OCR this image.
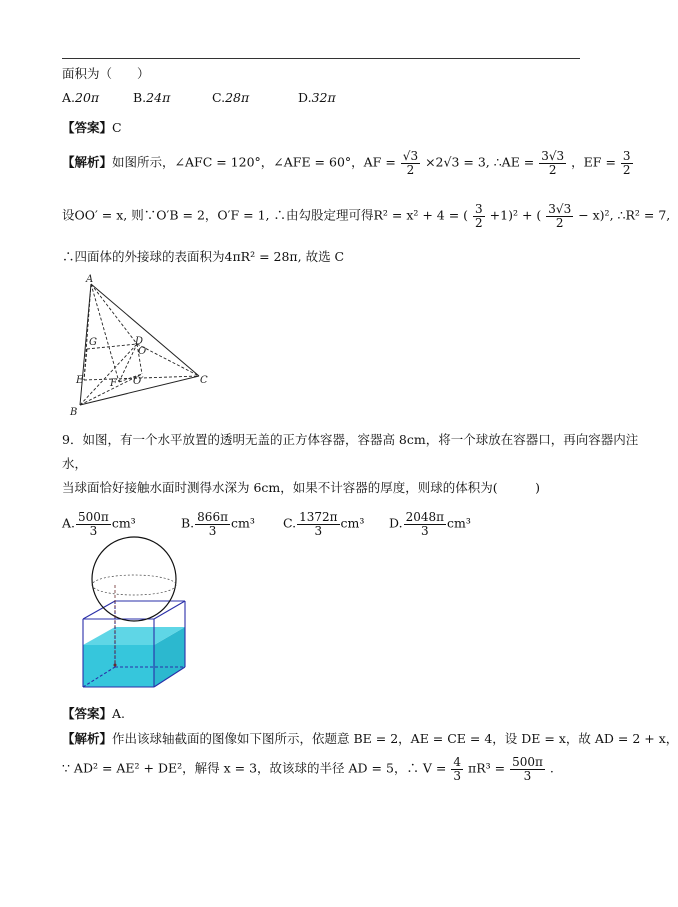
面积为（　　）
A.20π	B.24π	C.28π	D.32π
【答案】C
【解析】如图所示，∠AFC = 120°，∠AFE = 60°，AF = $\frac{√3}{2} \times 2√3 = 3$, ∴AE = $\frac{3√3}{2}$ ，EF = $\frac{3}{2}$
设OO′ = x, 则∵O′B = 2，O′F = 1, ∴由勾股定理可得R² = x² + 4 = ( $\frac{3}{2} +1)^2$ + ( $\frac{3√3}{2} - x)^2$, ∴R² = 7,
∴四面体的外接球的表面积为4πR² = 28π, 故选 C
A
G	D
O
E	F O′	C
B
9．如图，有一个水平放置的透明无盖的正方体容器，容器高 8cm，将一个球放在容器口，再向容器内注
水，
当球面恰好接触水面时测得水深为 6cm，如果不计容器的厚度，则球的体积为(　　　)
A. $\frac{500\pi}{3} cm^3$	B. $\frac{866\pi}{3} cm^3$ C. $\frac{1372\pi}{3} cm^3$ D. $\frac{2048\pi}{3} cm^3$
【答案】A.
【解析】作出该球轴截面的图像如下图所示，依题意 BE = 2，AE = CE = 4，设 DE = x，故 AD = 2 + x，
∵ AD² = AE² + DE²，解得 x = 3，故该球的半径 AD = 5，∴ $V = \frac{4}{3} \pi R^3 = \frac{500\pi}{3}$ .
